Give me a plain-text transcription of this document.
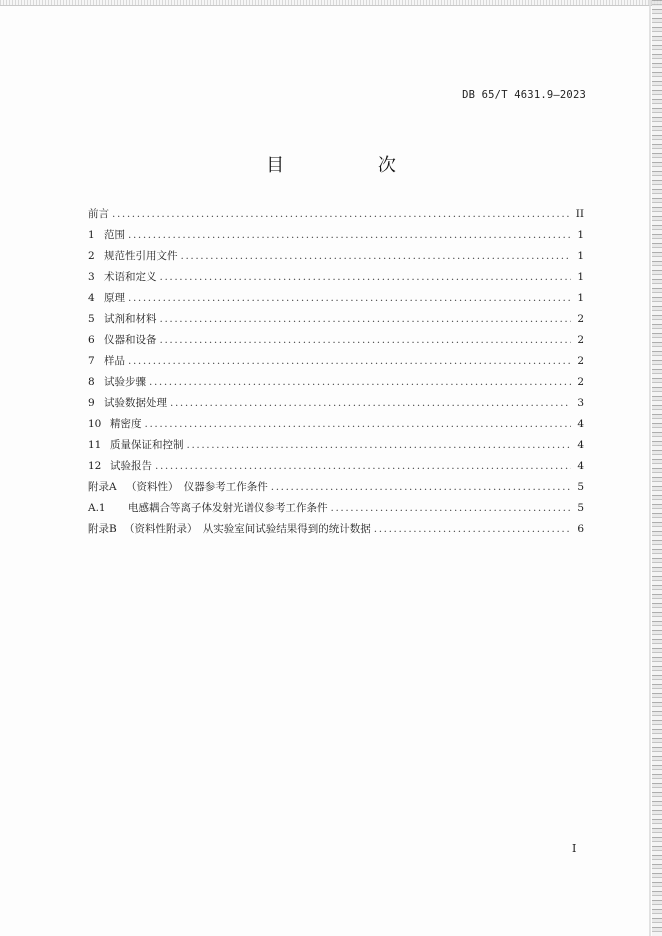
DB 65/T 4631.9—2023
目 次
前言 .....	II
1 范围 .....	1
2 规范性引用文件 .....	1
3 术语和定义 .....	1
4 原理 .....	1
5 试剂和材料 .....	2
6 仪器和设备 .....	2
7 样品 .....	2
8 试验步骤 .....	2
9 试验数据处理 .....	3
10 精密度 .....	4
11 质量保证和控制 .....	4
12 试验报告 .....	4
附录A （资料性）　仪器参考工作条件 .....	5
A.1 电感耦合等离子体发射光谱仪参考工作条件 .....	5
附录B （资料性附录）　从实验室间试验结果得到的统计数据 .....	6
I
